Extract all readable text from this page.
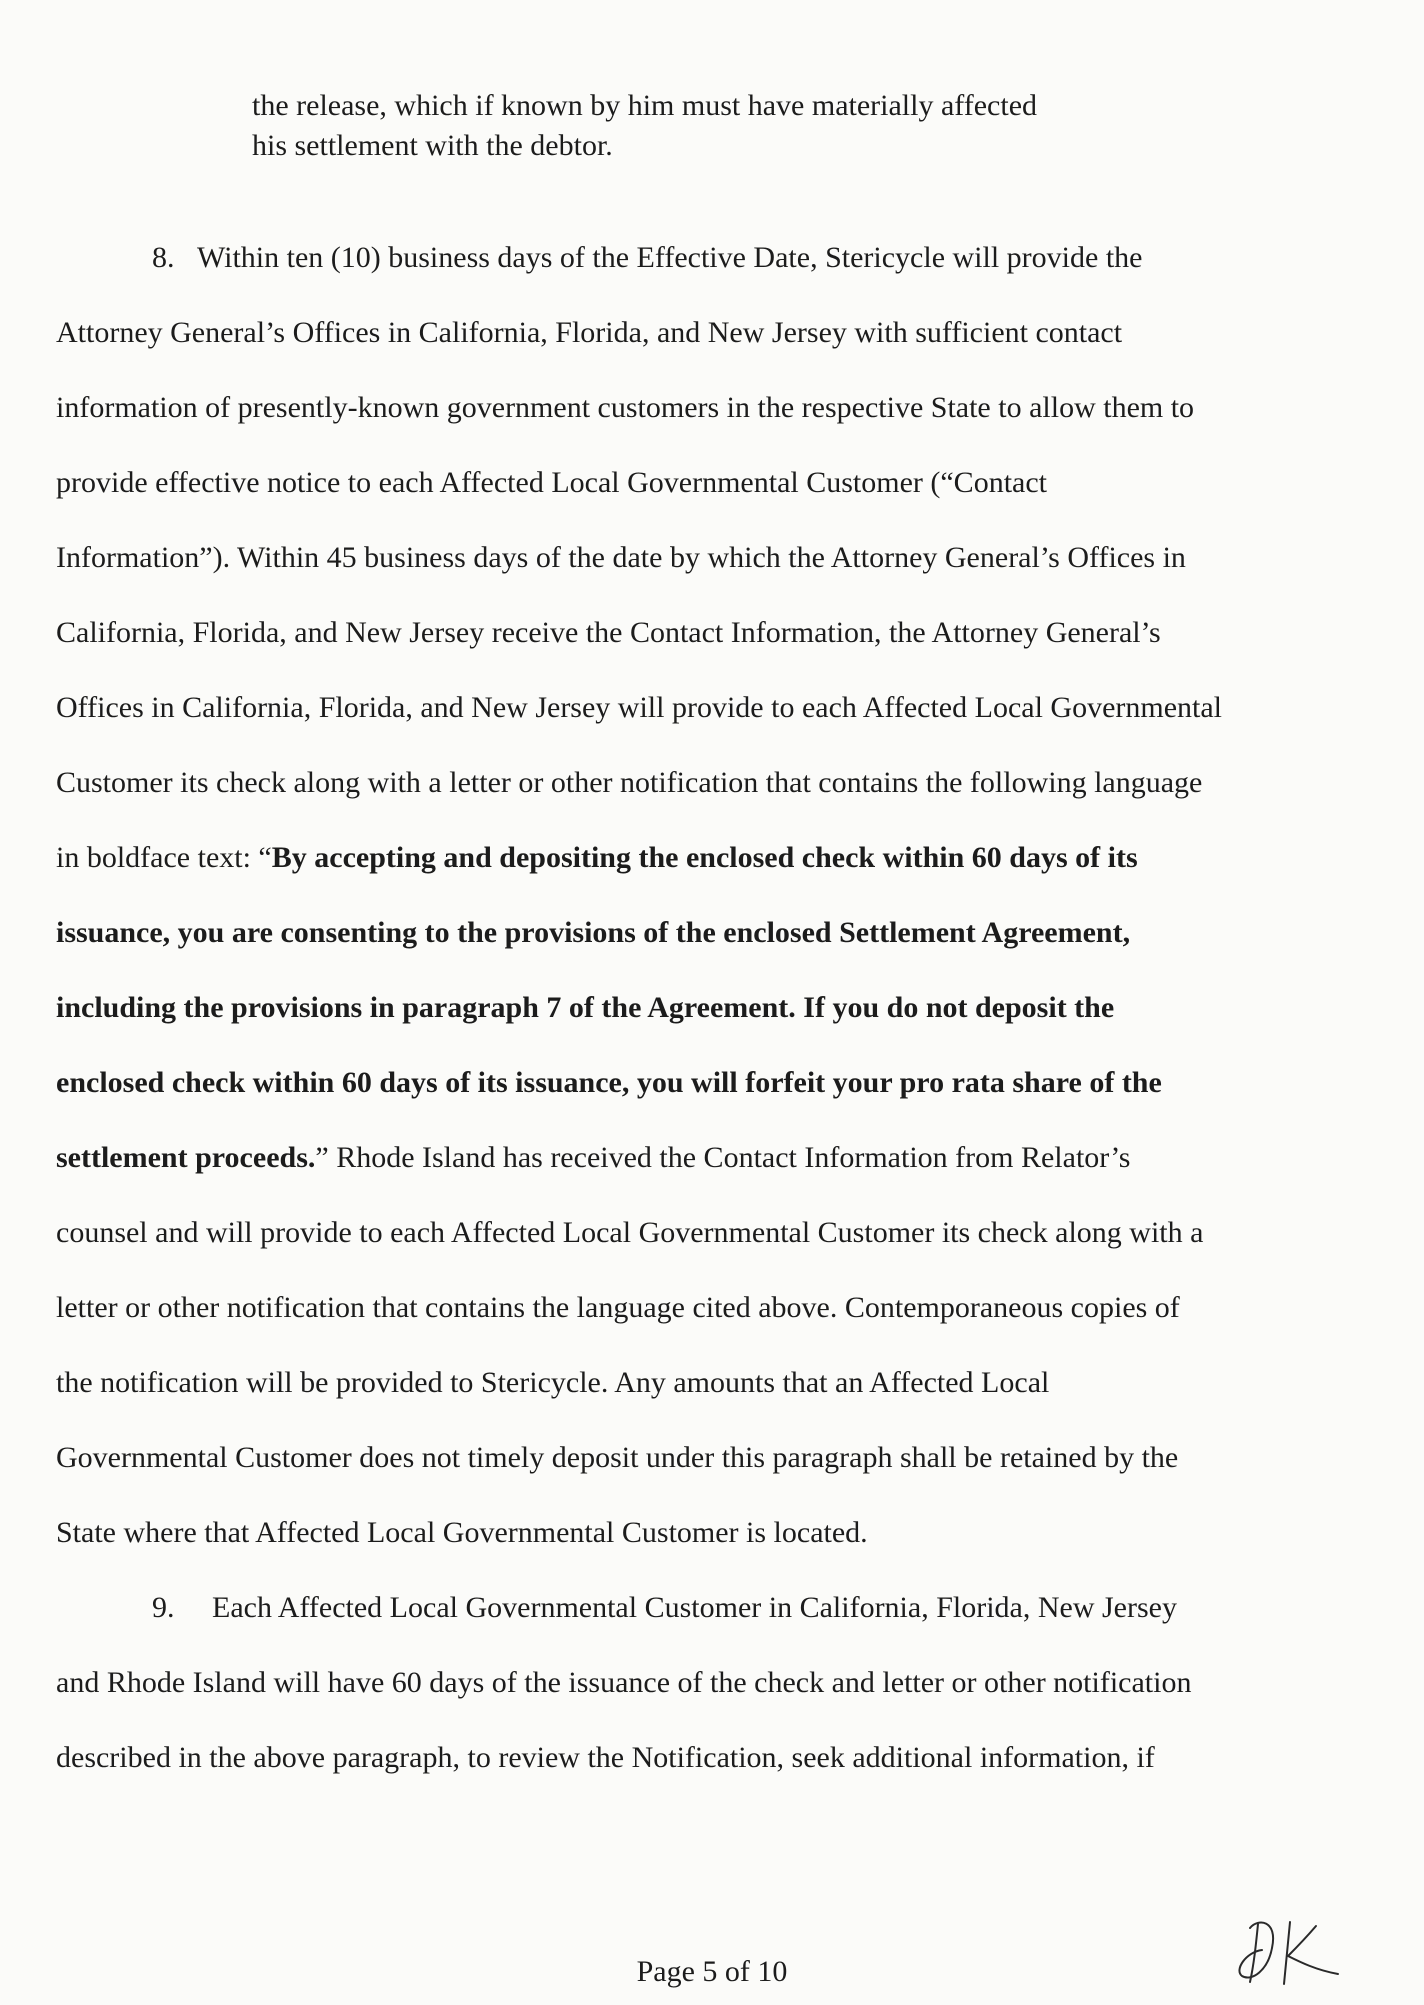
the release, which if known by him must have materially affected

his settlement with the debtor.

8. Within ten (10) business days of the Effective Date, Stericycle will provide the
Attorney General’s Offices in California, Florida, and New Jersey with sufficient contact
information of presently-known government customers in the respective State to allow them to
provide effective notice to each Affected Local Governmental Customer (“Contact
Information”). Within 45 business days of the date by which the Attorney General’s Offices in
California, Florida, and New Jersey receive the Contact Information, the Attorney General’s
Offices in California, Florida, and New Jersey will provide to each Affected Local Governmental
Customer its check along with a letter or other notification that contains the following language
in boldface text: “By accepting and depositing the enclosed check within 60 days of its
issuance, you are consenting to the provisions of the enclosed Settlement Agreement,
including the provisions in paragraph 7 of the Agreement. If you do not deposit the
enclosed check within 60 days of its issuance, you will forfeit your pro rata share of the
settlement proceeds.” Rhode Island has received the Contact Information from Relator’s
counsel and will provide to each Affected Local Governmental Customer its check along with a
letter or other notification that contains the language cited above. Contemporaneous copies of
the notification will be provided to Stericycle. Any amounts that an Affected Local
Governmental Customer does not timely deposit under this paragraph shall be retained by the
State where that Affected Local Governmental Customer is located.
9. Each Affected Local Governmental Customer in California, Florida, New Jersey
and Rhode Island will have 60 days of the issuance of the check and letter or other notification
described in the above paragraph, to review the Notification, seek additional information, if
Page 5 of 10
